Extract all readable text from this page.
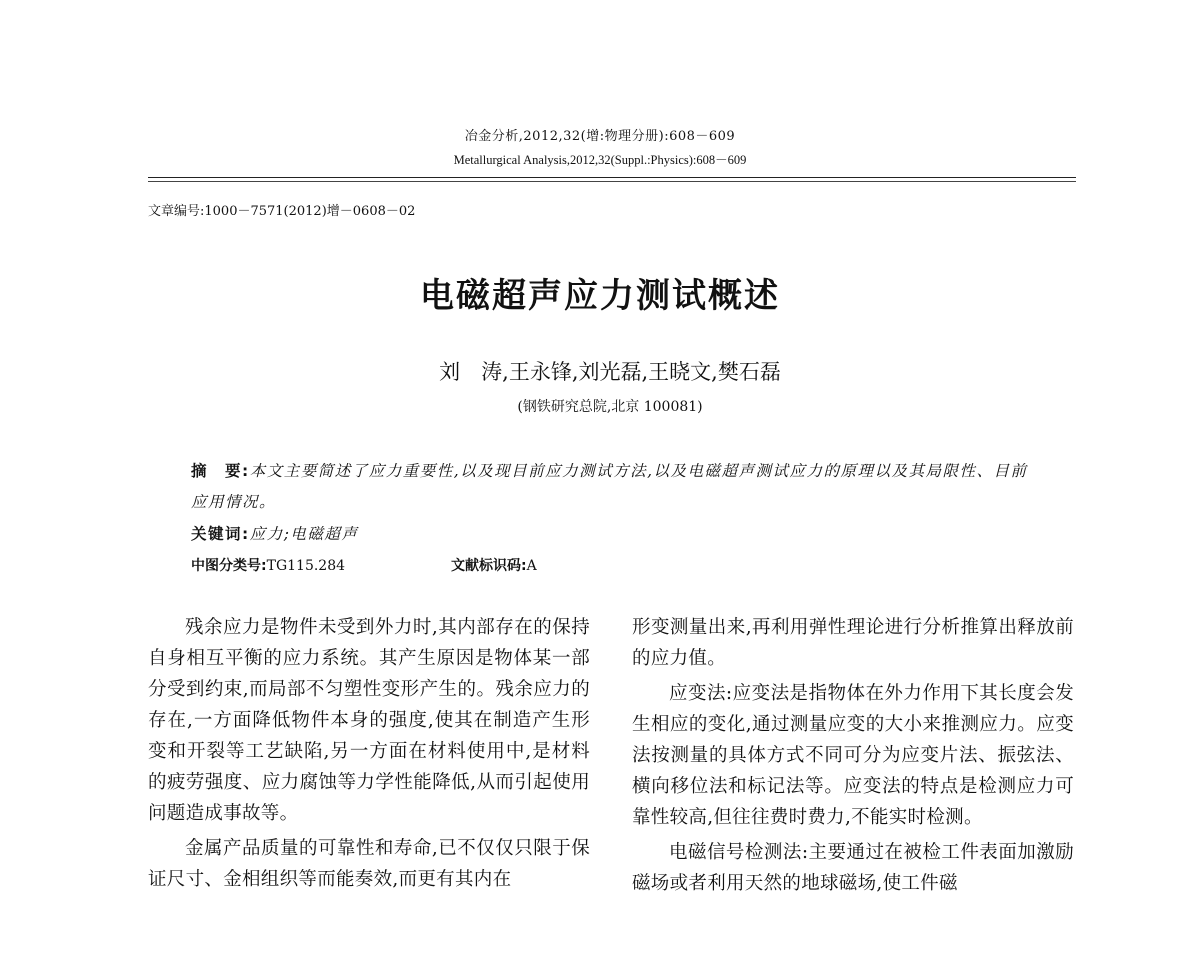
冶金分析,2012,32(增:物理分册):608－609
Metallurgical Analysis,2012,32(Suppl.:Physics):608－609
文章编号:1000－7571(2012)增－0608－02
电磁超声应力测试概述
刘　涛,王永锋,刘光磊,王晓文,樊石磊
(钢铁研究总院,北京 100081)
摘　要:本文主要简述了应力重要性,以及现目前应力测试方法,以及电磁超声测试应力的原理以及其局限性、目前应用情况。
关键词:应力;电磁超声
中图分类号:TG115.284	文献标识码:A

残余应力是物件未受到外力时,其内部存在的保持自身相互平衡的应力系统。其产生原因是物体某一部分受到约束,而局部不匀塑性变形产生的。残余应力的存在,一方面降低物件本身的强度,使其在制造产生形变和开裂等工艺缺陷,另一方面在材料使用中,是材料的疲劳强度、应力腐蚀等力学性能降低,从而引起使用问题造成事故等。

金属产品质量的可靠性和寿命,已不仅仅只限于保证尺寸、金相组织等而能奏效,而更有其内在

形变测量出来,再利用弹性理论进行分析推算出释放前的应力值。

应变法:应变法是指物体在外力作用下其长度会发生相应的变化,通过测量应变的大小来推测应力。应变法按测量的具体方式不同可分为应变片法、振弦法、横向移位法和标记法等。应变法的特点是检测应力可靠性较高,但往往费时费力,不能实时检测。

电磁信号检测法:主要通过在被检工件表面加激励磁场或者利用天然的地球磁场,使工件磁
